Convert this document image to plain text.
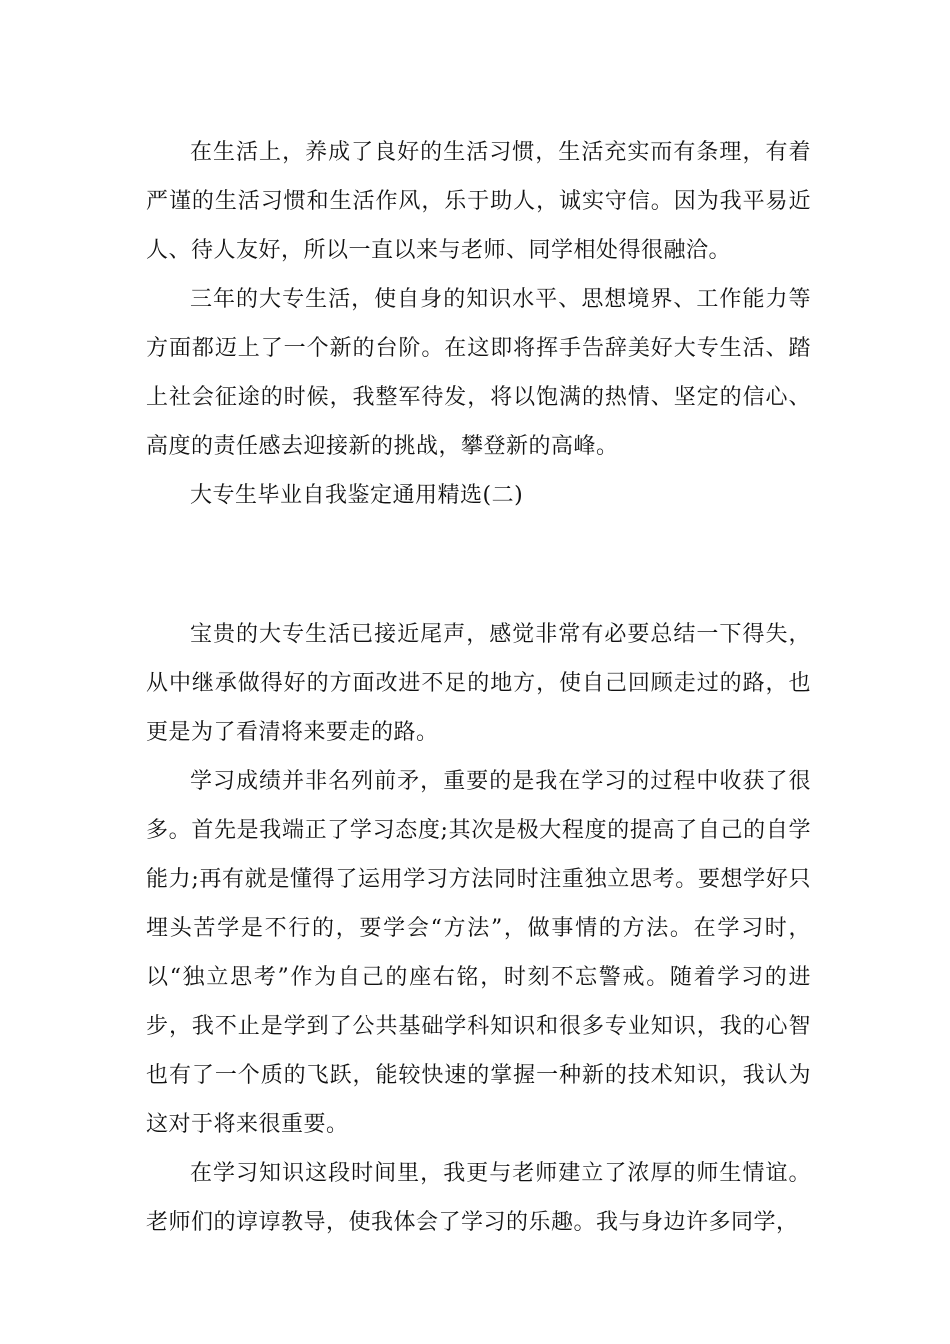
在生活上，养成了良好的生活习惯，生活充实而有条理，有着严谨的生活习惯和生活作风，乐于助人，诚实守信。因为我平易近人、待人友好，所以一直以来与老师、同学相处得很融洽。

三年的大专生活，使自身的知识水平、思想境界、工作能力等方面都迈上了一个新的台阶。在这即将挥手告辞美好大专生活、踏上社会征途的时候，我整军待发，将以饱满的热情、坚定的信心、高度的责任感去迎接新的挑战，攀登新的高峰。

大专生毕业自我鉴定通用精选(二)

宝贵的大专生活已接近尾声，感觉非常有必要总结一下得失，从中继承做得好的方面改进不足的地方，使自己回顾走过的路，也更是为了看清将来要走的路。

学习成绩并非名列前矛，重要的是我在学习的过程中收获了很多。首先是我端正了学习态度;其次是极大程度的提高了自己的自学能力;再有就是懂得了运用学习方法同时注重独立思考。要想学好只埋头苦学是不行的，要学会“方法”，做事情的方法。在学习时，以“独立思考”作为自己的座右铭，时刻不忘警戒。随着学习的进步，我不止是学到了公共基础学科知识和很多专业知识，我的心智也有了一个质的飞跃，能较快速的掌握一种新的技术知识，我认为这对于将来很重要。

在学习知识这段时间里，我更与老师建立了浓厚的师生情谊。老师们的谆谆教导，使我体会了学习的乐趣。我与身边许多同学，
